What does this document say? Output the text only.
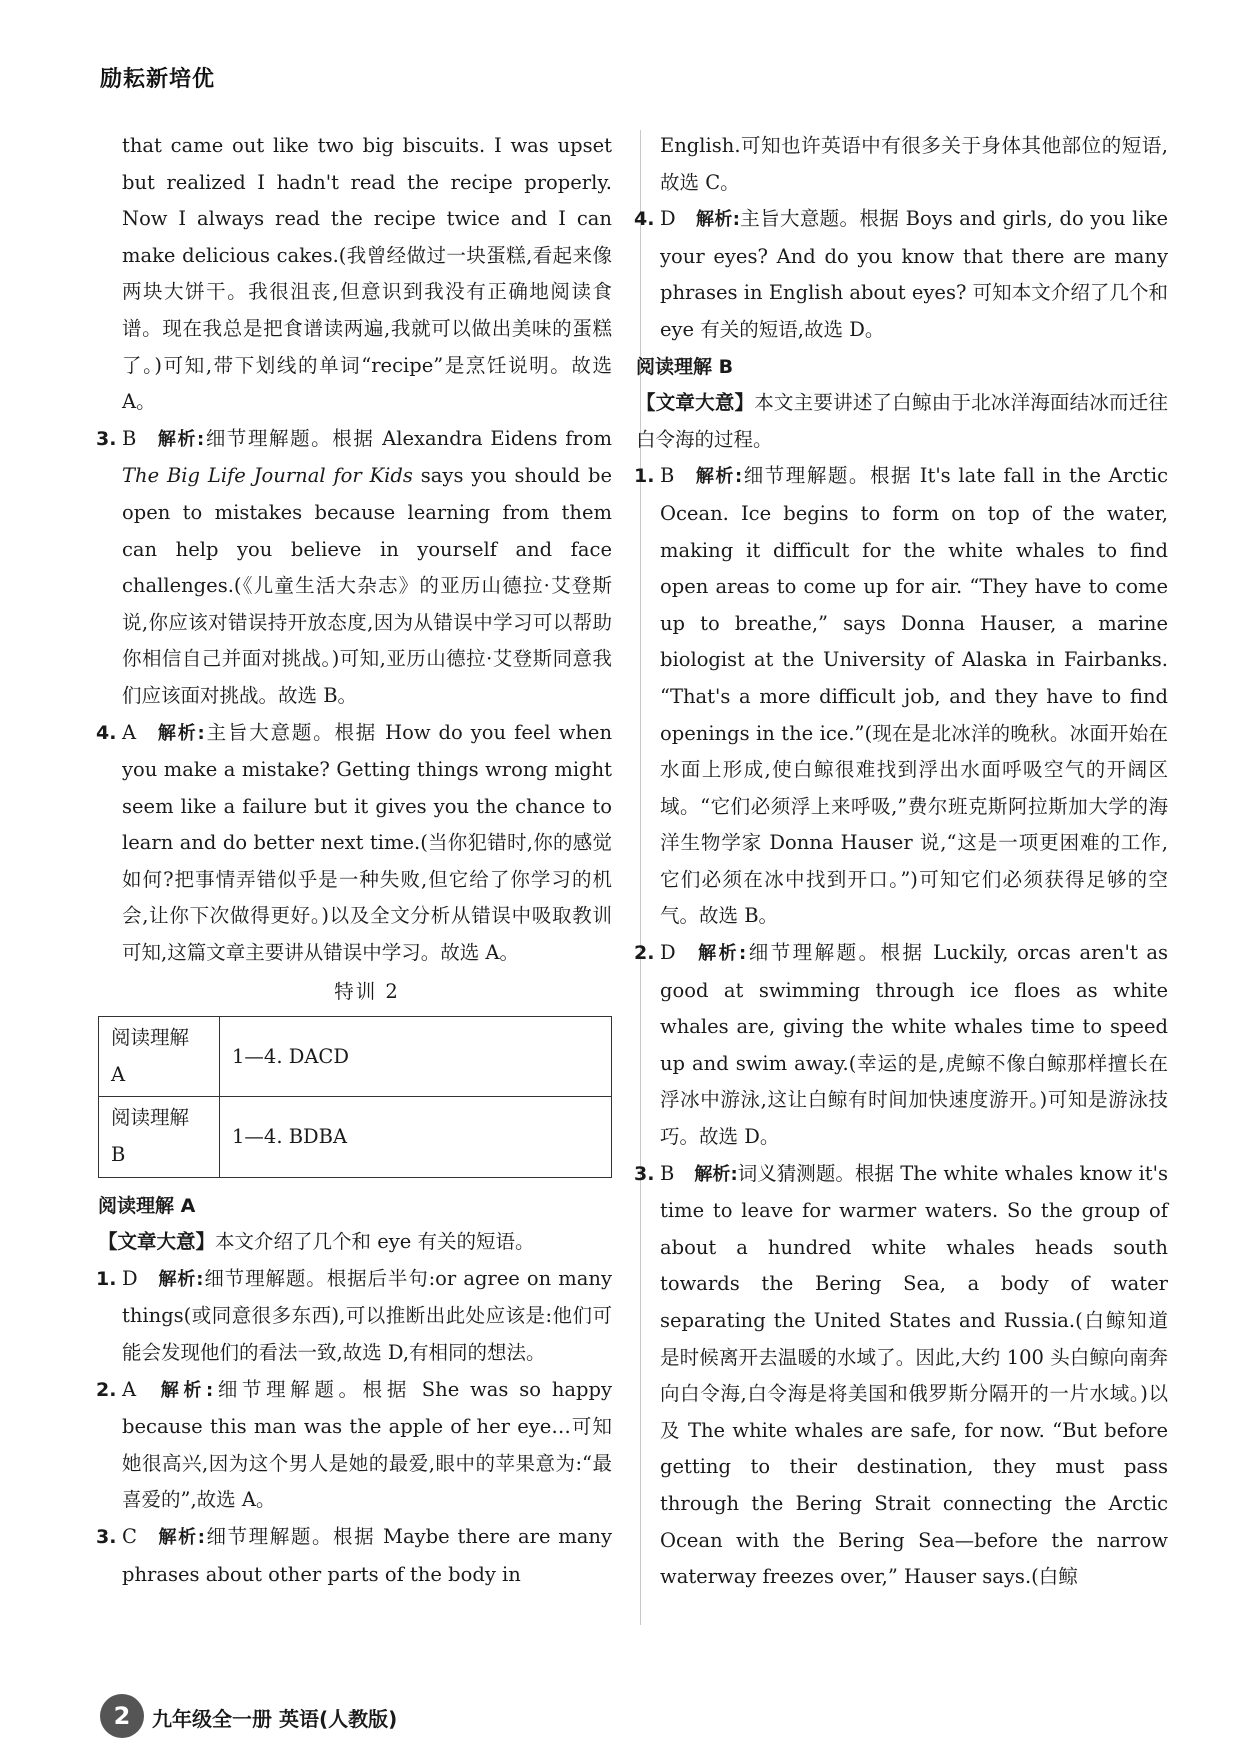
励耘新培优

that came out like two big biscuits. I was upset but realized I hadn't read the recipe properly. Now I always read the recipe twice and I can make delicious cakes.(我曾经做过一块蛋糕,看起来像两块大饼干。我很沮丧,但意识到我没有正确地阅读食谱。现在我总是把食谱读两遍,我就可以做出美味的蛋糕了。)可知,带下划线的单词“recipe”是烹饪说明。故选 A。

3. B 解析:细节理解题。根据 Alexandra Eidens from The Big Life Journal for Kids says you should be open to mistakes because learning from them can help you believe in yourself and face challenges.(《儿童生活大杂志》的亚历山德拉·艾登斯说,你应该对错误持开放态度,因为从错误中学习可以帮助你相信自己并面对挑战。)可知,亚历山德拉·艾登斯同意我们应该面对挑战。故选 B。

4. A 解析:主旨大意题。根据 How do you feel when you make a mistake? Getting things wrong might seem like a failure but it gives you the chance to learn and do better next time.(当你犯错时,你的感觉如何?把事情弄错似乎是一种失败,但它给了你学习的机会,让你下次做得更好。)以及全文分析从错误中吸取教训可知,这篇文章主要讲从错误中学习。故选 A。

特训 2

阅读理解 A	1—4. DACD
阅读理解 B	1—4. BDBA
阅读理解 A

【文章大意】本文介绍了几个和 eye 有关的短语。

1. D 解析:细节理解题。根据后半句:or agree on many things(或同意很多东西),可以推断出此处应该是:他们可能会发现他们的看法一致,故选 D,有相同的想法。

2. A 解析:细节理解题。根据 She was so happy because this man was the apple of her eye…可知她很高兴,因为这个男人是她的最爱,眼中的苹果意为:“最喜爱的”,故选 A。

3. C 解析:细节理解题。根据 Maybe there are many phrases about other parts of the body in

English.可知也许英语中有很多关于身体其他部位的短语,故选 C。

4. D 解析:主旨大意题。根据 Boys and girls, do you like your eyes? And do you know that there are many phrases in English about eyes? 可知本文介绍了几个和 eye 有关的短语,故选 D。

阅读理解 B

【文章大意】本文主要讲述了白鲸由于北冰洋海面结冰而迁往白令海的过程。

1. B 解析:细节理解题。根据 It's late fall in the Arctic Ocean. Ice begins to form on top of the water, making it difficult for the white whales to find open areas to come up for air. “They have to come up to breathe,” says Donna Hauser, a marine biologist at the University of Alaska in Fairbanks. “That's a more difficult job, and they have to find openings in the ice.”(现在是北冰洋的晚秋。冰面开始在水面上形成,使白鲸很难找到浮出水面呼吸空气的开阔区域。“它们必须浮上来呼吸,”费尔班克斯阿拉斯加大学的海洋生物学家 Donna Hauser 说,“这是一项更困难的工作,它们必须在冰中找到开口。”)可知它们必须获得足够的空气。故选 B。

2. D 解析:细节理解题。根据 Luckily, orcas aren't as good at swimming through ice floes as white whales are, giving the white whales time to speed up and swim away.(幸运的是,虎鲸不像白鲸那样擅长在浮冰中游泳,这让白鲸有时间加快速度游开。)可知是游泳技巧。故选 D。

3. B 解析:词义猜测题。根据 The white whales know it's time to leave for warmer waters. So the group of about a hundred white whales heads south towards the Bering Sea, a body of water separating the United States and Russia.(白鲸知道是时候离开去温暖的水域了。因此,大约 100 头白鲸向南奔向白令海,白令海是将美国和俄罗斯分隔开的一片水域。)以及 The white whales are safe, for now. “But before getting to their destination, they must pass through the Bering Strait connecting the Arctic Ocean with the Bering Sea—before the narrow waterway freezes over,” Hauser says.(白鲸

2	九年级全一册 英语(人教版)
